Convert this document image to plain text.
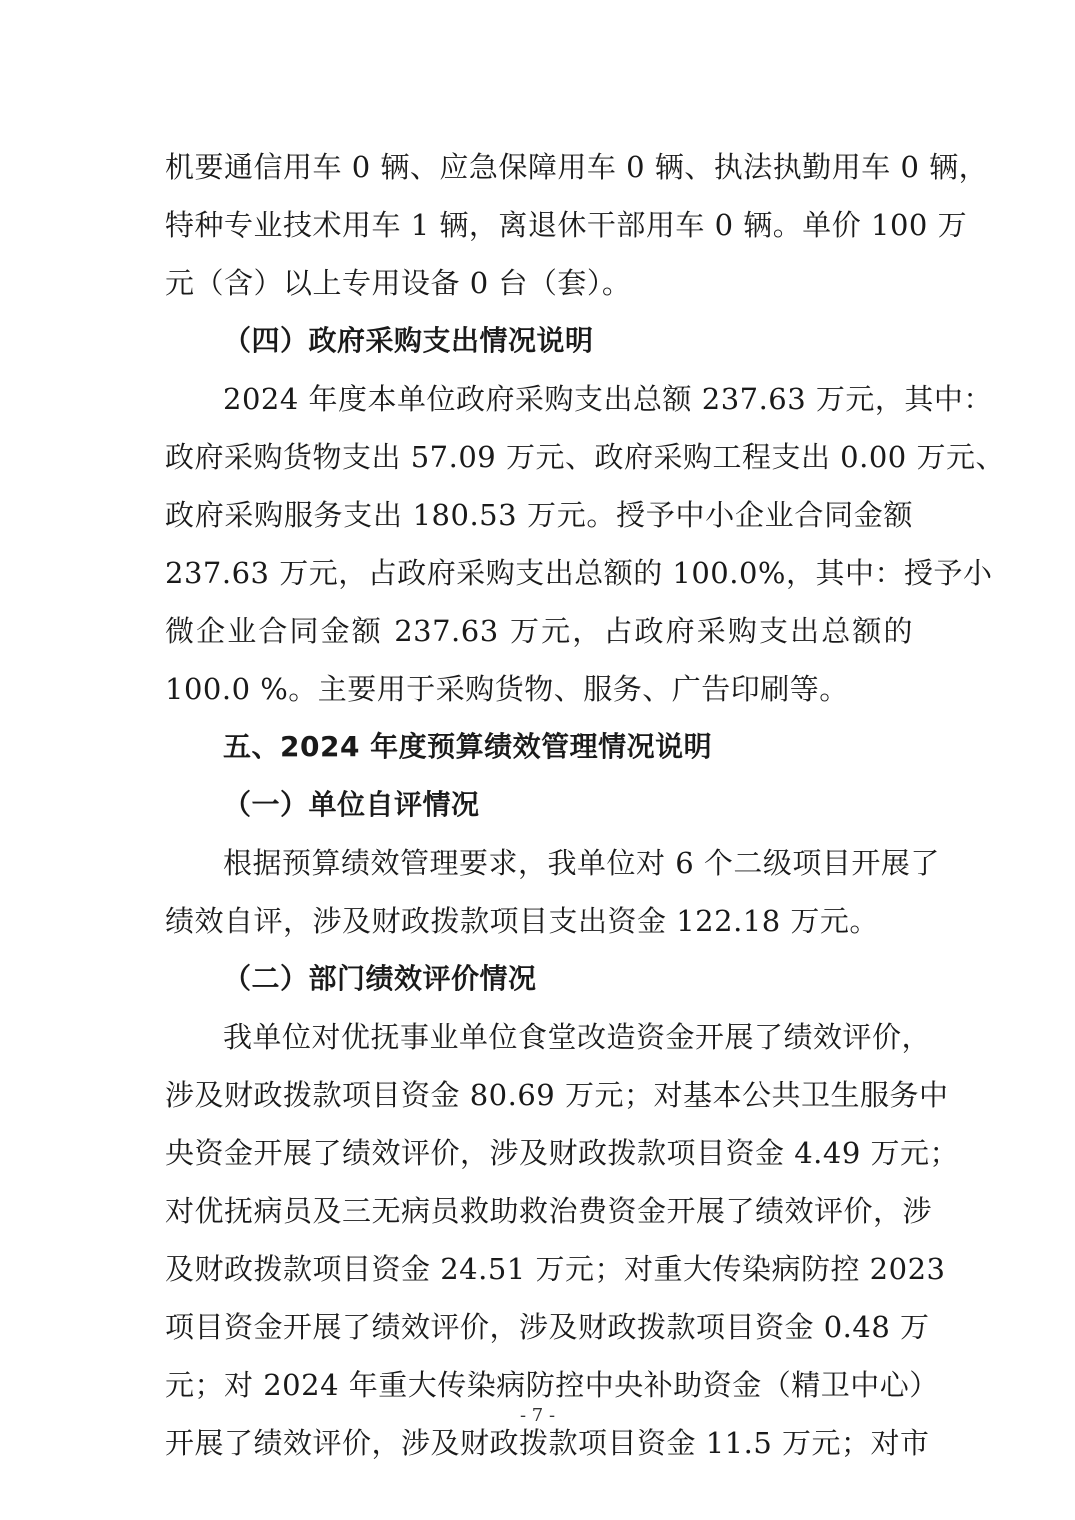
机要通信用车 0 辆、应急保障用车 0 辆、执法执勤用车 0 辆，
特种专业技术用车 1 辆，离退休干部用车 0 辆。单价 100 万
元（含）以上专用设备 0 台（套）。
（四）政府采购支出情况说明
2024 年度本单位政府采购支出总额 237.63 万元，其中：
政府采购货物支出 57.09 万元、政府采购工程支出 0.00 万元、
政府采购服务支出 180.53 万元。授予中小企业合同金额
237.63 万元，占政府采购支出总额的 100.0%，其中：授予小
微企业合同金额 237.63 万元，占政府采购支出总额的
100.0 %。主要用于采购货物、服务、广告印刷等。
五、2024 年度预算绩效管理情况说明
（一）单位自评情况
根据预算绩效管理要求，我单位对 6 个二级项目开展了
绩效自评，涉及财政拨款项目支出资金 122.18 万元。
（二）部门绩效评价情况
我单位对优抚事业单位食堂改造资金开展了绩效评价，
涉及财政拨款项目资金 80.69 万元；对基本公共卫生服务中
央资金开展了绩效评价，涉及财政拨款项目资金 4.49 万元；
对优抚病员及三无病员救助救治费资金开展了绩效评价，涉
及财政拨款项目资金 24.51 万元；对重大传染病防控 2023
项目资金开展了绩效评价，涉及财政拨款项目资金 0.48 万
元；对 2024 年重大传染病防控中央补助资金（精卫中心）
开展了绩效评价，涉及财政拨款项目资金 11.5 万元；对市
- 7 -
